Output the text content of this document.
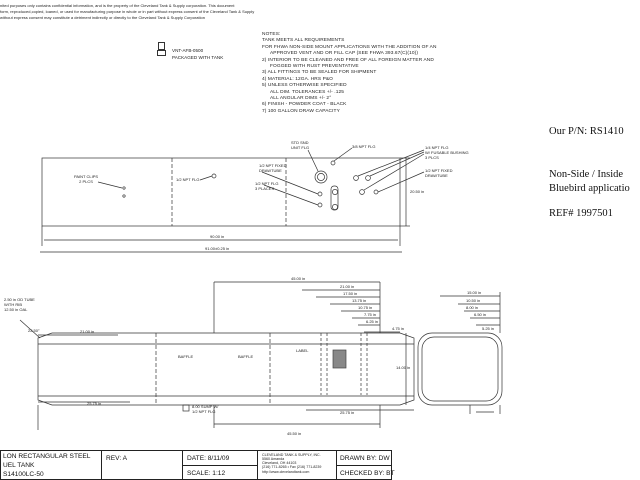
nited purposes only contains confidential information, and is the property of the Cleveland Tank & Supply corporation. This document
form, reproduced,copied, loaned, or used for manufacturing purpose in whole or in part without express consent of the Cleveland Tank & Supply
without express consent may constitute a detriment indirectly or directly to the Cleveland Tank & Supply Corporation
VNT-AFB-0500
PACKAGED WITH TANK
NOTES:
TANK MEETS ALL REQUIREMENTS
FOR FHWA NON-SIDE MOUNT APPLICATIONS WITH THE ADDITION OF AN
APPROVED VENT AND OR FILL CAP (SEE FHWA 393.67(C)(10))
2) INTERIOR TO BE CLEANED AND FREE OF ALL FOREIGN MATTER AND
FOGGED WITH RUST PREVENTATIVE
3) ALL FITTINGS TO BE SEALED FOR SHIPMENT
4) MATERIAL: 12GA. HRS P&O
5) UNLESS OTHERWISE SPECIFIED
ALL DIM. TOLERANCES +/- .125
ALL ANGULAR DIMS +/- 2°
6) FINISH - POWDER COAT - BLACK
7) 100 GALLON DRAW CAPACITY
Our P/N: RS1410
Non-Side / Inside
Bluebird applicatio
REF# 1997501
PAINT CLIPS
2 PLCS	1/2 NPT FLG
STD SND
UNIT FLG	3/8 NPT FLG
1/2 NPT FIXED
DRAWTUBE
1/2 NPT FLG
3 PLACES
1/4 NPT FLG
W/ FUSABLE BUSHING
3 PLCS
1/2 NPT FIXED
DRAWTUBE
20.50 in
90.00 in
91.00±0.25 in
2.50 in OD TUBE
WITH RIB
12.50 in OAL
22.50°
BAFFLE	BAFFLE
LABEL
8.00 SUMP W/
1/2 NPT FLG
45.00 in
21.00 in
17.50 in
13.75 in
10.75 in
7.75 in
6.25 in
4.75 in
21.00 in
14.00 in
25.75 in
25.75 in
45.50 in
15.00 in
10.50 in
8.00 in
6.50 in
5.25 in
LON RECTANGULAR STEEL
UEL TANK
S14100LC-50
REV: A	DATE: 8/11/09
SCALE: 1:12
CLEVELAND TANK & SUPPLY, INC.
5560 Amanda
Cleveland, OH 44103
(216) 771-8265 • Fax (216) 771-8239
http://www.clevelandtank.com
DRAWN BY: DW
CHECKED BY: BT
